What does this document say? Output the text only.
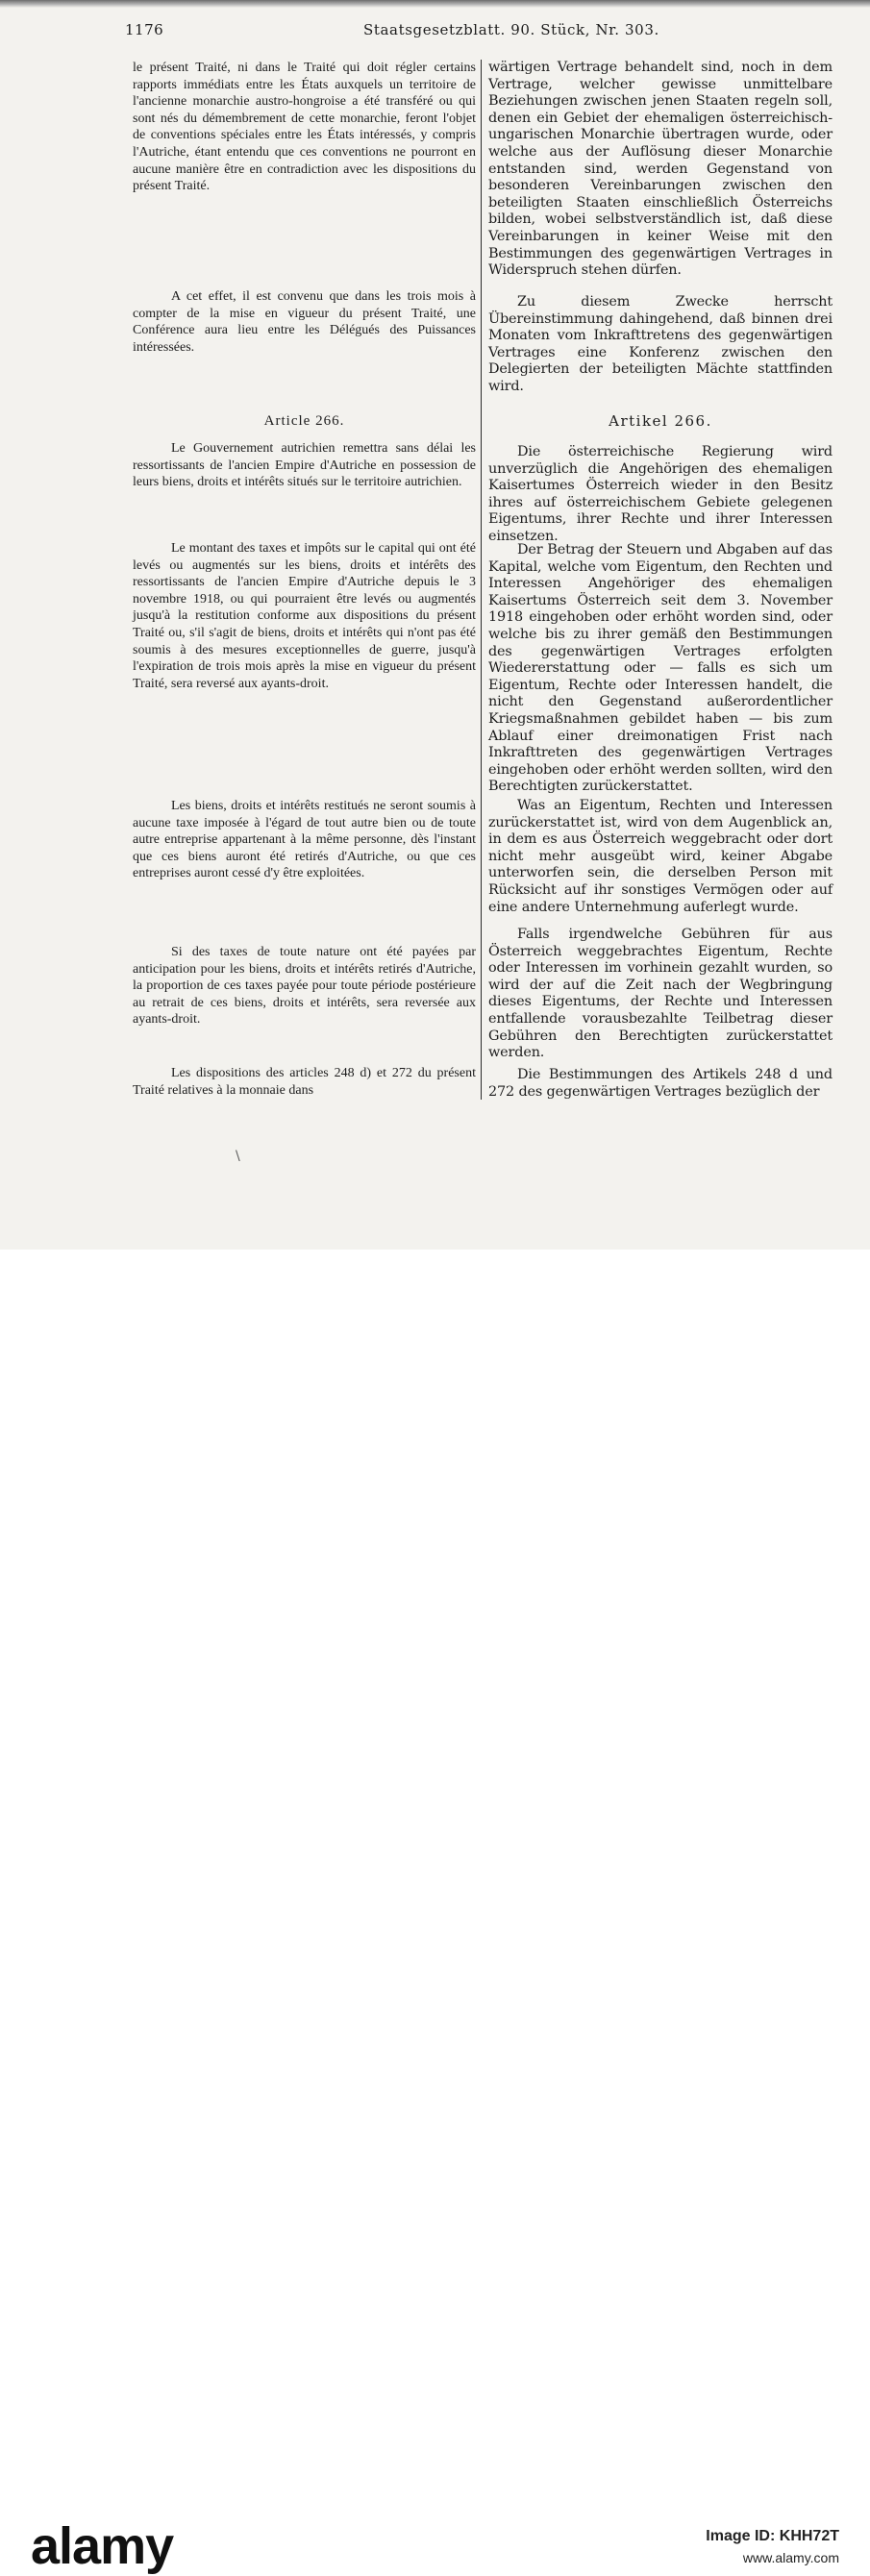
1176	Staatsgesetzblatt. 90. Stück, Nr. 303.

le présent Traité, ni dans le Traité qui doit régler certains rapports immédiats entre les États auxquels un territoire de l'ancienne monarchie austro-hongroise a été transféré ou qui sont nés du démembrement de cette monarchie, feront l'objet de conventions spéciales entre les États intéressés, y compris l'Autriche, étant entendu que ces conventions ne pourront en aucune manière être en contradiction avec les dispositions du présent Traité.

A cet effet, il est convenu que dans les trois mois à compter de la mise en vigueur du présent Traité, une Conférence aura lieu entre les Délégués des Puissances intéressées.

Article 266.

Le Gouvernement autrichien remettra sans délai les ressortissants de l'ancien Empire d'Autriche en possession de leurs biens, droits et intérêts situés sur le territoire autrichien.

Le montant des taxes et impôts sur le capital qui ont été levés ou augmentés sur les biens, droits et intérêts des ressortissants de l'ancien Empire d'Autriche depuis le 3 novembre 1918, ou qui pourraient être levés ou augmentés jusqu'à la restitution conforme aux dispositions du présent Traité ou, s'il s'agit de biens, droits et intérêts qui n'ont pas été soumis à des mesures exceptionnelles de guerre, jusqu'à l'expiration de trois mois après la mise en vigueur du présent Traité, sera reversé aux ayants-droit.

Les biens, droits et intérêts restitués ne seront soumis à aucune taxe imposée à l'égard de tout autre bien ou de toute autre entreprise appartenant à la même personne, dès l'instant que ces biens auront été retirés d'Autriche, ou que ces entreprises auront cessé d'y être exploitées.

Si des taxes de toute nature ont été payées par anticipation pour les biens, droits et intérêts retirés d'Autriche, la proportion de ces taxes payée pour toute période postérieure au retrait de ces biens, droits et intérêts, sera reversée aux ayants-droit.

Les dispositions des articles 248 d) et 272 du présent Traité relatives à la monnaie dans

wärtigen Vertrage behandelt sind, noch in dem Vertrage, welcher gewisse unmittelbare Beziehungen zwischen jenen Staaten regeln soll, denen ein Gebiet der ehemaligen österreichisch-ungarischen Monarchie übertragen wurde, oder welche aus der Auflösung dieser Monarchie entstanden sind, werden Gegenstand von besonderen Vereinbarungen zwischen den beteiligten Staaten einschließlich Österreichs bilden, wobei selbstverständlich ist, daß diese Vereinbarungen in keiner Weise mit den Bestimmungen des gegenwärtigen Vertrages in Widerspruch stehen dürfen.

Zu diesem Zwecke herrscht Übereinstimmung dahingehend, daß binnen drei Monaten vom Inkrafttretens des gegenwärtigen Vertrages eine Konferenz zwischen den Delegierten der beteiligten Mächte stattfinden wird.

Artikel 266.

Die österreichische Regierung wird unverzüglich die Angehörigen des ehemaligen Kaisertumes Österreich wieder in den Besitz ihres auf österreichischem Gebiete gelegenen Eigentums, ihrer Rechte und ihrer Interessen einsetzen.

Der Betrag der Steuern und Abgaben auf das Kapital, welche vom Eigentum, den Rechten und Interessen Angehöriger des ehemaligen Kaisertums Österreich seit dem 3. November 1918 eingehoben oder erhöht worden sind, oder welche bis zu ihrer gemäß den Bestimmungen des gegenwärtigen Vertrages erfolgten Wiedererstattung oder — falls es sich um Eigentum, Rechte oder Interessen handelt, die nicht den Gegenstand außerordentlicher Kriegsmaßnahmen gebildet haben — bis zum Ablauf einer dreimonatigen Frist nach Inkrafttreten des gegenwärtigen Vertrages eingehoben oder erhöht werden sollten, wird den Berechtigten zurückerstattet.

Was an Eigentum, Rechten und Interessen zurückerstattet ist, wird von dem Augenblick an, in dem es aus Österreich weggebracht oder dort nicht mehr ausgeübt wird, keiner Abgabe unterworfen sein, die derselben Person mit Rücksicht auf ihr sonstiges Vermögen oder auf eine andere Unternehmung auferlegt wurde.

Falls irgendwelche Gebühren für aus Österreich weggebrachtes Eigentum, Rechte oder Interessen im vorhinein gezahlt wurden, so wird der auf die Zeit nach der Wegbringung dieses Eigentums, der Rechte und Interessen entfallende vorausbezahlte Teilbetrag dieser Gebühren den Berechtigten zurückerstattet werden.

Die Bestimmungen des Artikels 248 d und 272 des gegenwärtigen Vertrages bezüglich der

\
alamy	Image ID: KHH72T
www.alamy.com
